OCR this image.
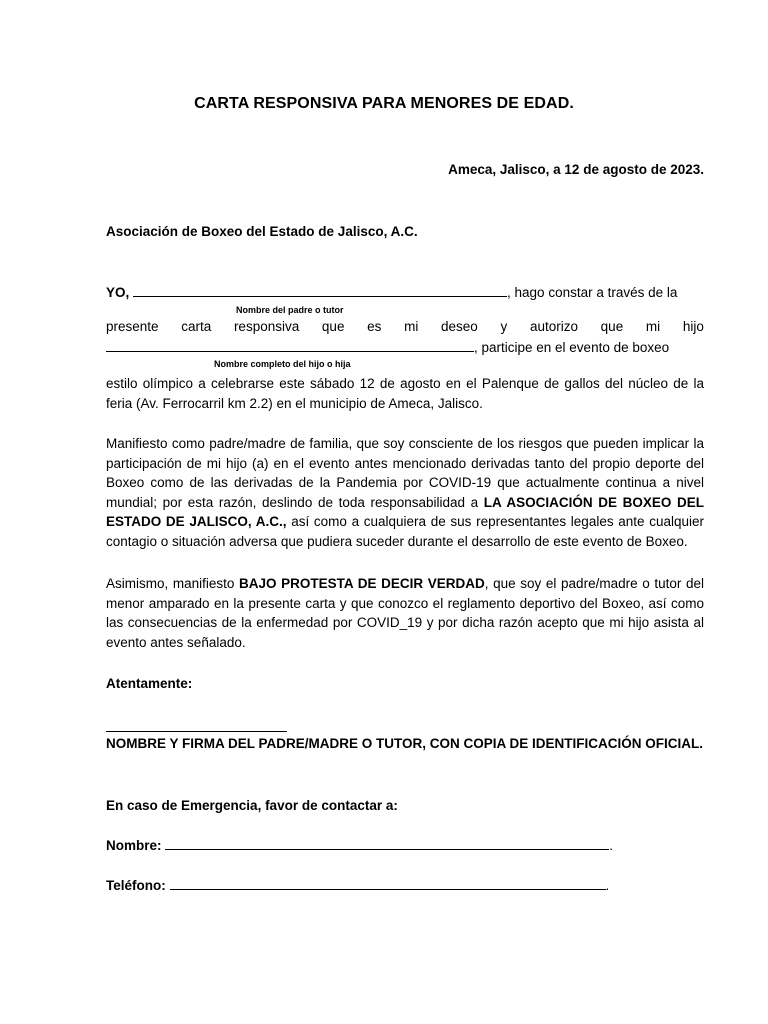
CARTA RESPONSIVA PARA MENORES DE EDAD.
Ameca, Jalisco, a 12 de agosto de 2023.
Asociación de Boxeo del Estado de Jalisco, A.C.
YO,	, hago constar a través de la
Nombre del padre o tutor
presente carta responsiva que es mi deseo y autorizo que mi hijo
, participe en el evento de boxeo
Nombre completo del hijo o hija

estilo olímpico a celebrarse este sábado 12 de agosto en el Palenque de gallos del núcleo de la feria (Av. Ferrocarril km 2.2) en el municipio de Ameca, Jalisco.

Manifiesto como padre/madre de familia, que soy consciente de los riesgos que pueden implicar la participación de mi hijo (a) en el evento antes mencionado derivadas tanto del propio deporte del Boxeo como de las derivadas de la Pandemia por COVID-19 que actualmente continua a nivel mundial; por esta razón, deslindo de toda responsabilidad a LA ASOCIACIÓN DE BOXEO DEL ESTADO DE JALISCO, A.C., así como a cualquiera de sus representantes legales ante cualquier contagio o situación adversa que pudiera suceder durante el desarrollo de este evento de Boxeo.

Asimismo, manifiesto BAJO PROTESTA DE DECIR VERDAD, que soy el padre/madre o tutor del menor amparado en la presente carta y que conozco el reglamento deportivo del Boxeo, así como las consecuencias de la enfermedad por COVID_19 y por dicha razón acepto que mi hijo asista al evento antes señalado.

Atentamente:
NOMBRE Y FIRMA DEL PADRE/MADRE O TUTOR, CON COPIA DE IDENTIFICACIÓN OFICIAL.
En caso de Emergencia, favor de contactar a:
Nombre:	.
Teléfono:	.
